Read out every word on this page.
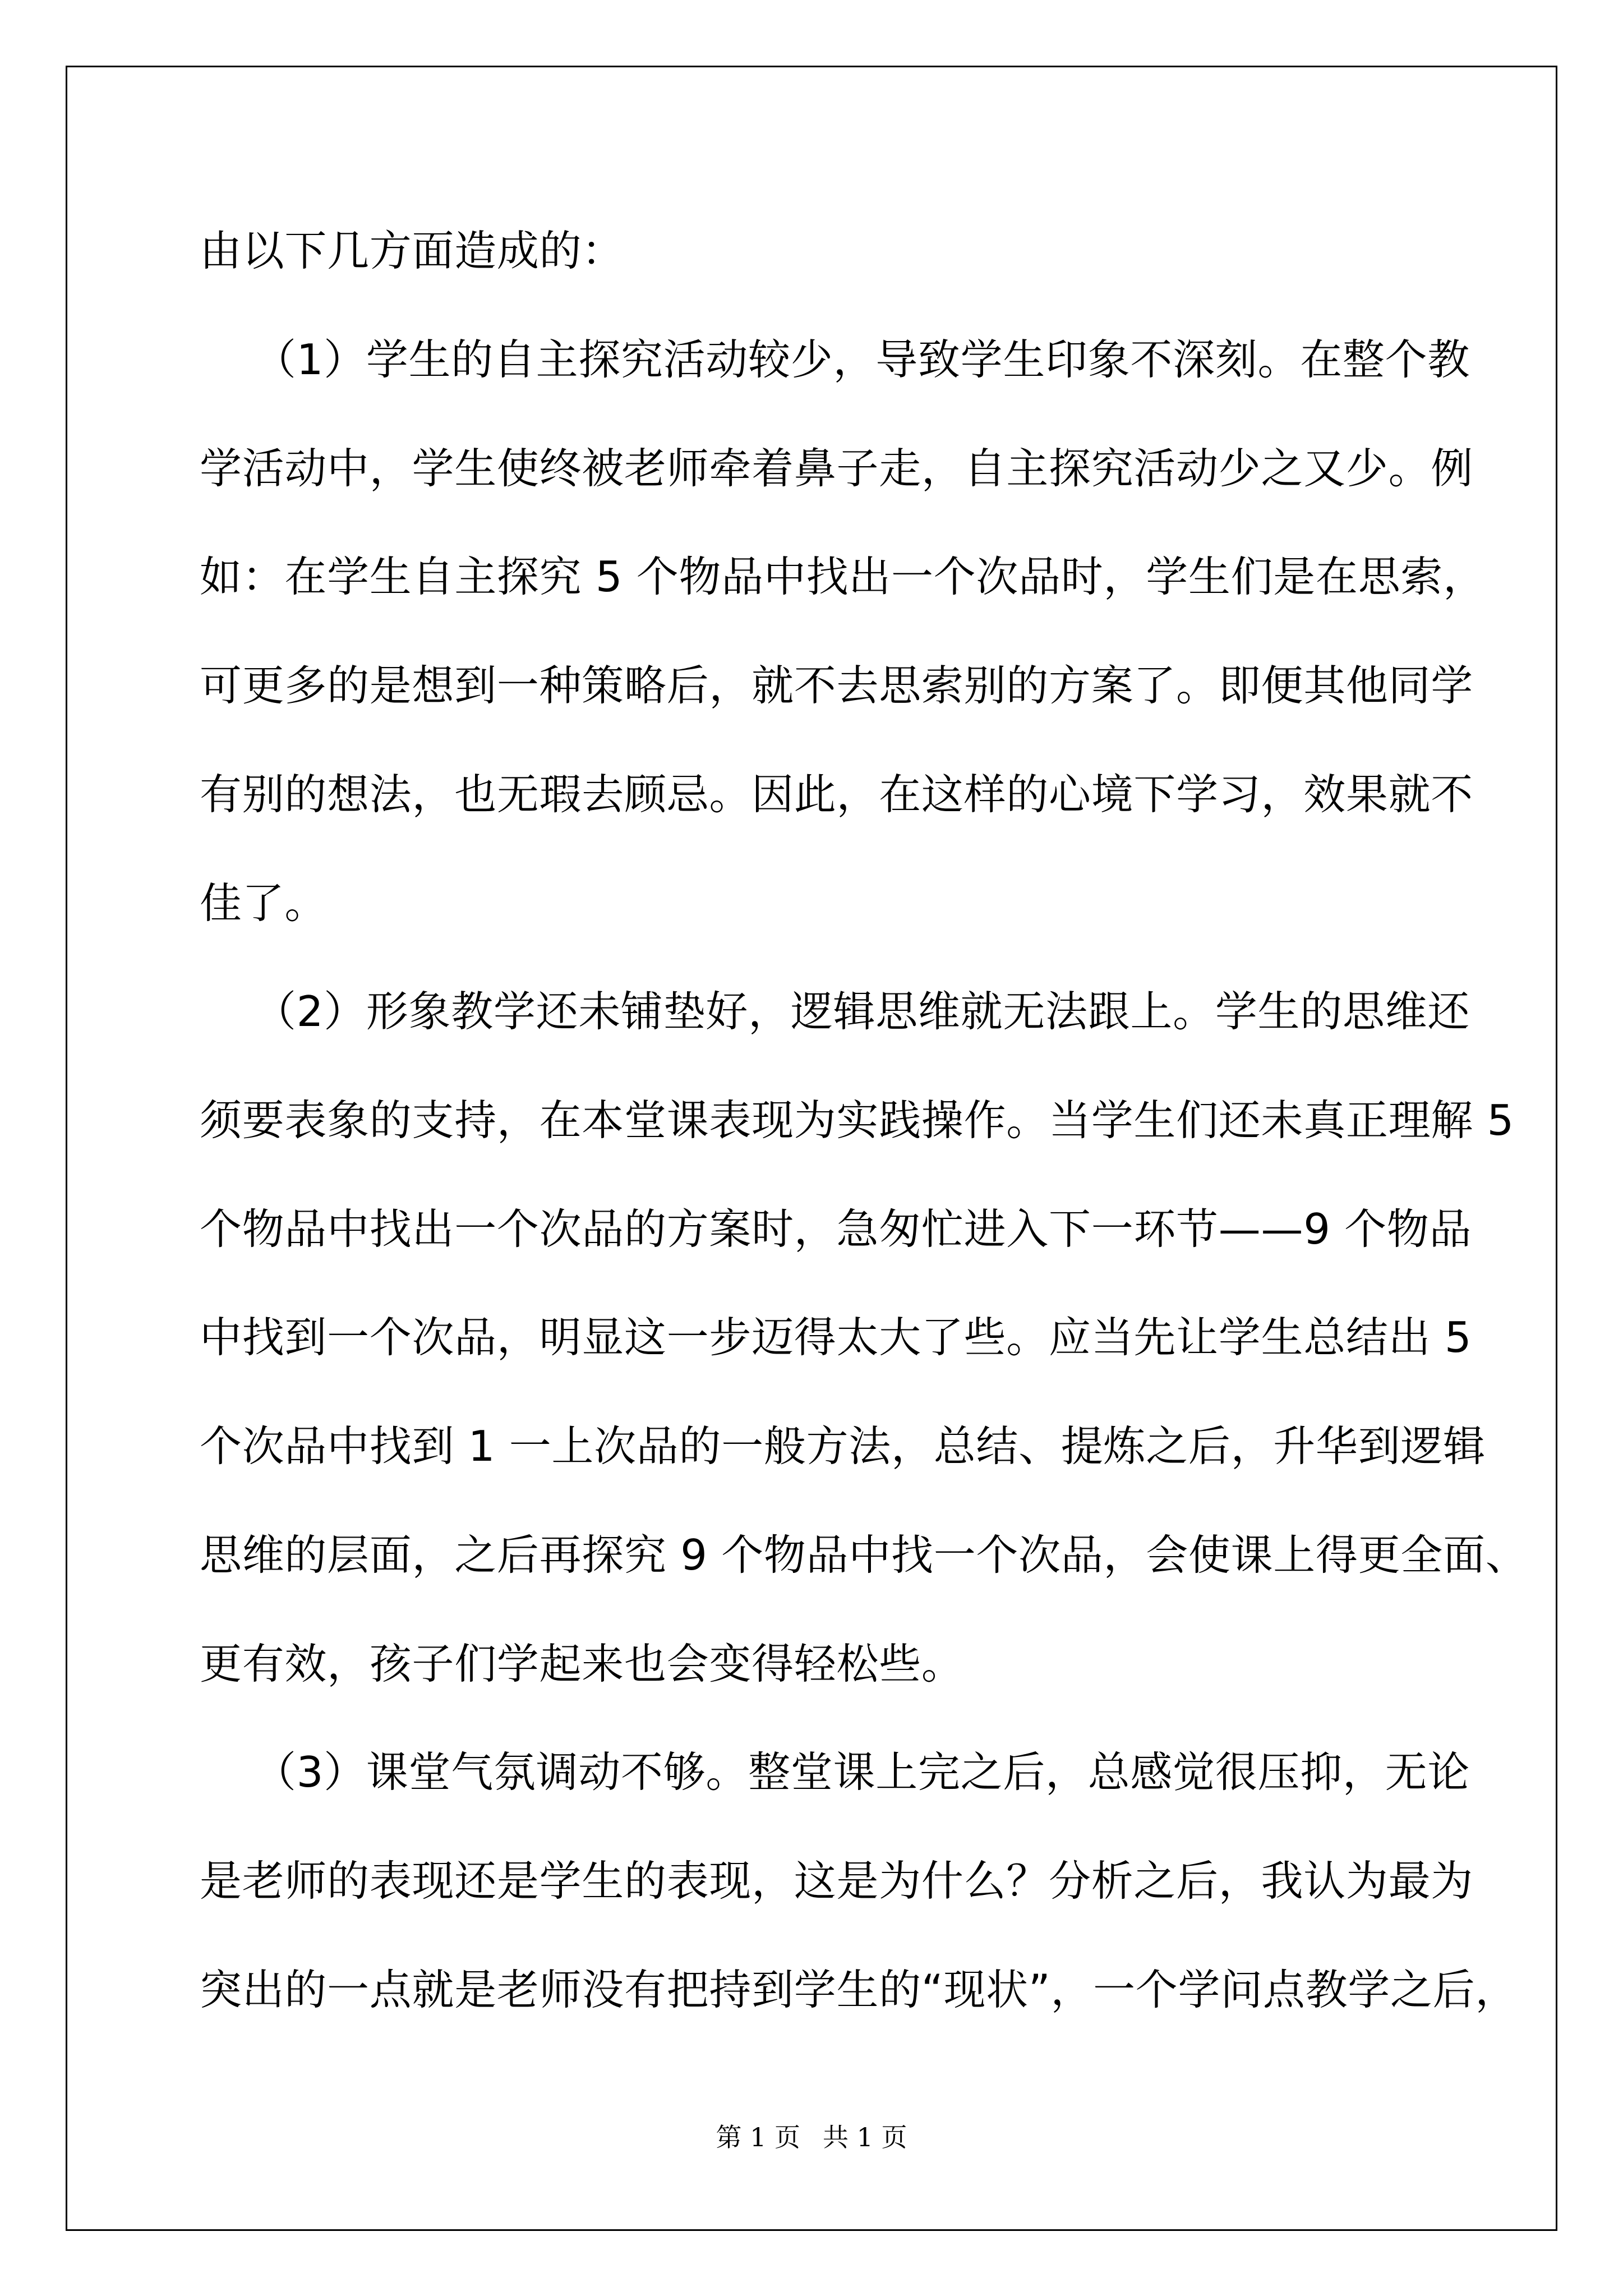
由以下几方面造成的：
（1）学生的自主探究活动较少，导致学生印象不深刻。在整个教
学活动中，学生使终被老师牵着鼻子走，自主探究活动少之又少。例
如：在学生自主探究 5 个物品中找出一个次品时，学生们是在思索，
可更多的是想到一种策略后，就不去思索别的方案了。即便其他同学
有别的想法，也无瑕去顾忌。因此，在这样的心境下学习，效果就不
佳了。
（2）形象教学还未铺垫好，逻辑思维就无法跟上。学生的思维还
须要表象的支持，在本堂课表现为实践操作。当学生们还未真正理解 5
个物品中找出一个次品的方案时，急匆忙进入下一环节——9 个物品
中找到一个次品，明显这一步迈得太大了些。应当先让学生总结出 5
个次品中找到 1 一上次品的一般方法，总结、提炼之后，升华到逻辑
思维的层面，之后再探究 9 个物品中找一个次品，会使课上得更全面、
更有效，孩子们学起来也会变得轻松些。
（3）课堂气氛调动不够。整堂课上完之后，总感觉很压抑，无论
是老师的表现还是学生的表现，这是为什么？分析之后，我认为最为
突出的一点就是老师没有把持到学生的“现状”，一个学问点教学之后，
第 1 页 共 1 页
